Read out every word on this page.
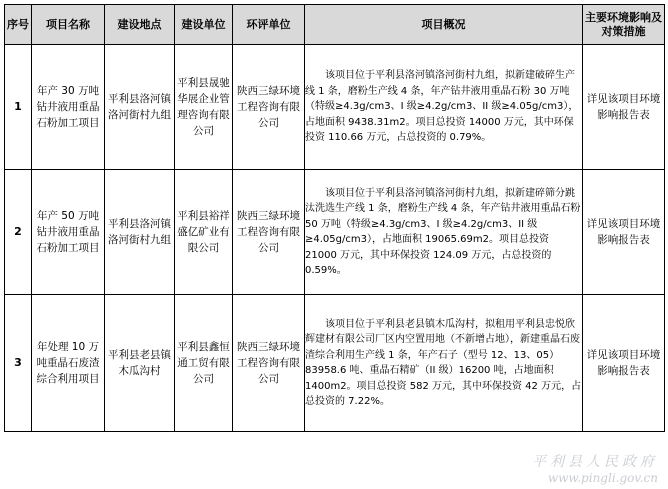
序号	项目名称	建设地点	建设单位	环评单位	项目概况	主要环境影响及对策措施
1	年产 30 万吨钻井液用重晶石粉加工项目	平利县洛河镇洛河街村九组	平利县晟驰华展企业管理咨询有限公司	陕西三绿环境工程咨询有限公司	该项目位于平利县洛河镇洛河街村九组，拟新建破碎生产线 1 条，磨粉生产线 4 条，年产钻井液用重晶石粉 30 万吨（特级≥4.3g/cm3、I 级≥4.2g/cm3、II 级≥4.05g/cm3），占地面积 9438.31m2。项目总投资 14000 万元，其中环保投资 110.66 万元，占总投资的 0.79%。	详见该项目环境影响报告表
2	年产 50 万吨钻井液用重晶石粉加工项目	平利县洛河镇洛河街村九组	平利县裕祥盛亿矿业有限公司	陕西三绿环境工程咨询有限公司	该项目位于平利县洛河镇洛河街村九组，拟新建碎筛分跳汰洗选生产线 1 条，磨粉生产线 4 条，年产钻井液用重晶石粉 50 万吨（特级≥4.3g/cm3、I 级≥4.2g/cm3、II 级≥4.05g/cm3），占地面积 19065.69m2。项目总投资 21000 万元，其中环保投资 124.09 万元，占总投资的 0.59%。	详见该项目环境影响报告表
3	年处理 10 万吨重晶石废渣综合利用项目	平利县老县镇木瓜沟村	平利县鑫恒通工贸有限公司	陕西三绿环境工程咨询有限公司	该项目位于平利县老县镇木瓜沟村，拟租用平利县忠悦欣辉建材有限公司厂区内空置用地（不新增占地），新建重晶石废渣综合利用生产线 1 条，年产石子（型号 12、13、05）83958.6 吨、重晶石精矿（II 级）16200 吨，占地面积 1400m2。项目总投资 582 万元，其中环保投资 42 万元，占总投资的 7.22%。	详见该项目环境影响报告表
平利县人民政府
www.pingli.gov.cn
